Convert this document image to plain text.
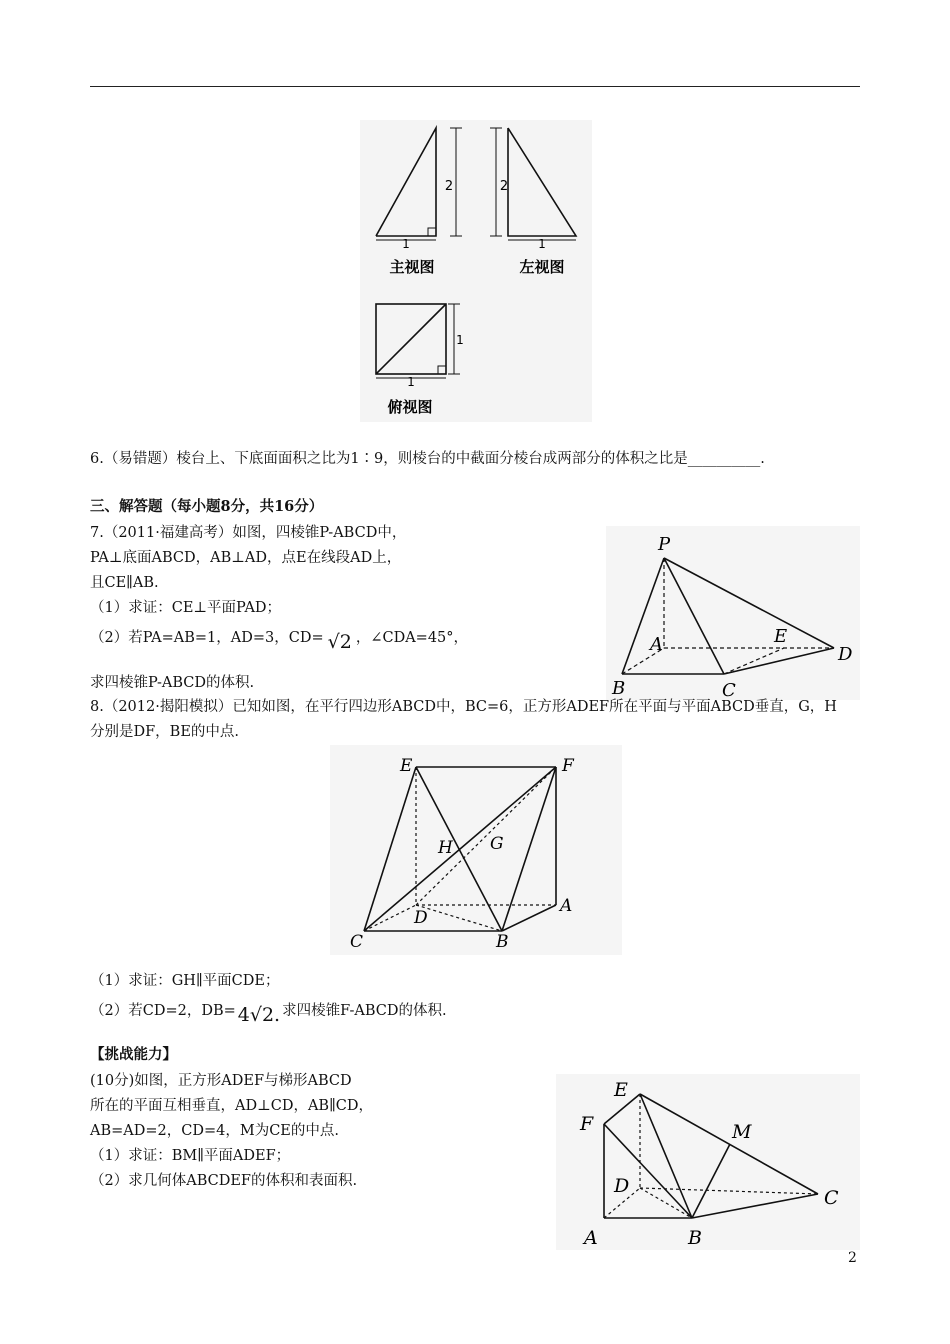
2
1
2
1
1
1
主视图	左视图
俯视图
6.（易错题）棱台上、下底面面积之比为1∶9，则棱台的中截面分棱台成两部分的体积之比是__________.
三、解答题（每小题8分，共16分）
7.（2011·福建高考）如图，四棱锥P-ABCD中，
PA⊥底面ABCD，AB⊥AD，点E在线段AD上，
且CE∥AB.
（1）求证：CE⊥平面PAD；
（2）若PA=AB=1，AD=3，CD= √2 ，∠CDA=45°，
求四棱锥P-ABCD的体积.
P
A	E
D
B	C
8.（2012·揭阳模拟）已知如图，在平行四边形ABCD中，BC=6，正方形ADEF所在平面与平面ABCD垂直，G，H
分别是DF，BE的中点.
E	F
H G
D
A
C	B
（1）求证：GH∥平面CDE；
（2）若CD=2，DB= 4√2. 求四棱锥F-ABCD的体积.
【挑战能力】
(10分)如图，正方形ADEF与梯形ABCD
所在的平面互相垂直，AD⊥CD，AB∥CD，
AB=AD=2，CD=4，M为CE的中点.
（1）求证：BM∥平面ADEF；
（2）求几何体ABCDEF的体积和表面积.
E
F	M
D
C
A	B
2
